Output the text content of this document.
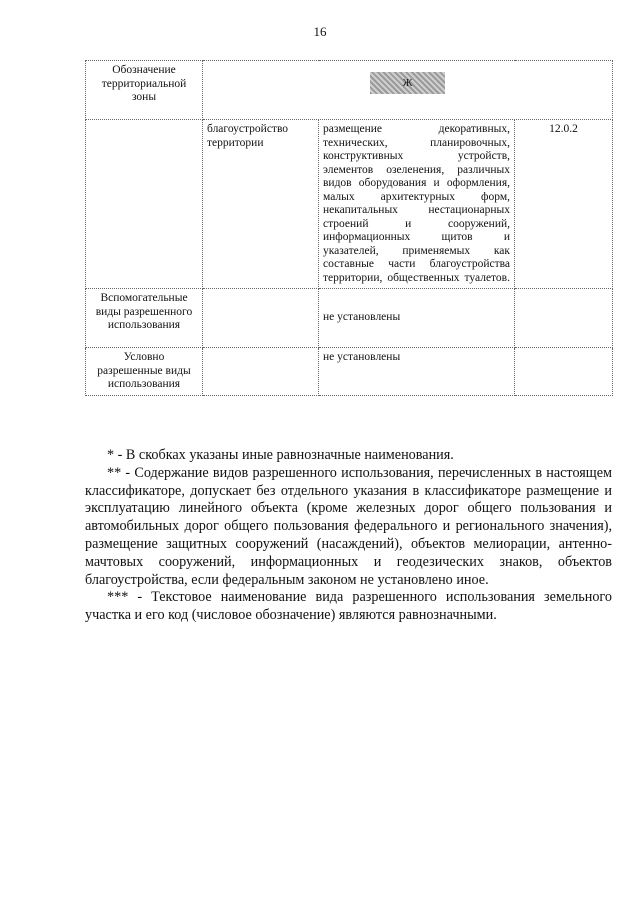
16
Обозначение территориальной зоны	Ж		

	благоустройство территории	размещение декоративных, технических, планировочных, конструктивных устройств, элементов озеленения, различных видов оборудования и оформления, малых архитектурных форм, некапитальных нестационарных строений и сооружений, информационных щитов и указателей, применяемых как составные части благоустройства территории, общественных туалетов.	12.0.2
Вспомогательные виды разрешенного использования		не установлены	
Условно разрешенные виды использования		не установлены	

* - В скобках указаны иные равнозначные наименования.

** - Содержание видов разрешенного использования, перечисленных в настоящем классификаторе, допускает без отдельного указания в классификаторе размещение и эксплуатацию линейного объекта (кроме железных дорог общего пользования и автомобильных дорог общего пользования федерального и регионального значения), размещение защитных сооружений (насаждений), объектов мелиорации, антенно-мачтовых сооружений, информационных и геодезических знаков, объектов благоустройства, если федеральным законом не установлено иное.

*** - Текстовое наименование вида разрешенного использования земельного участка и его код (числовое обозначение) являются равнозначными.
